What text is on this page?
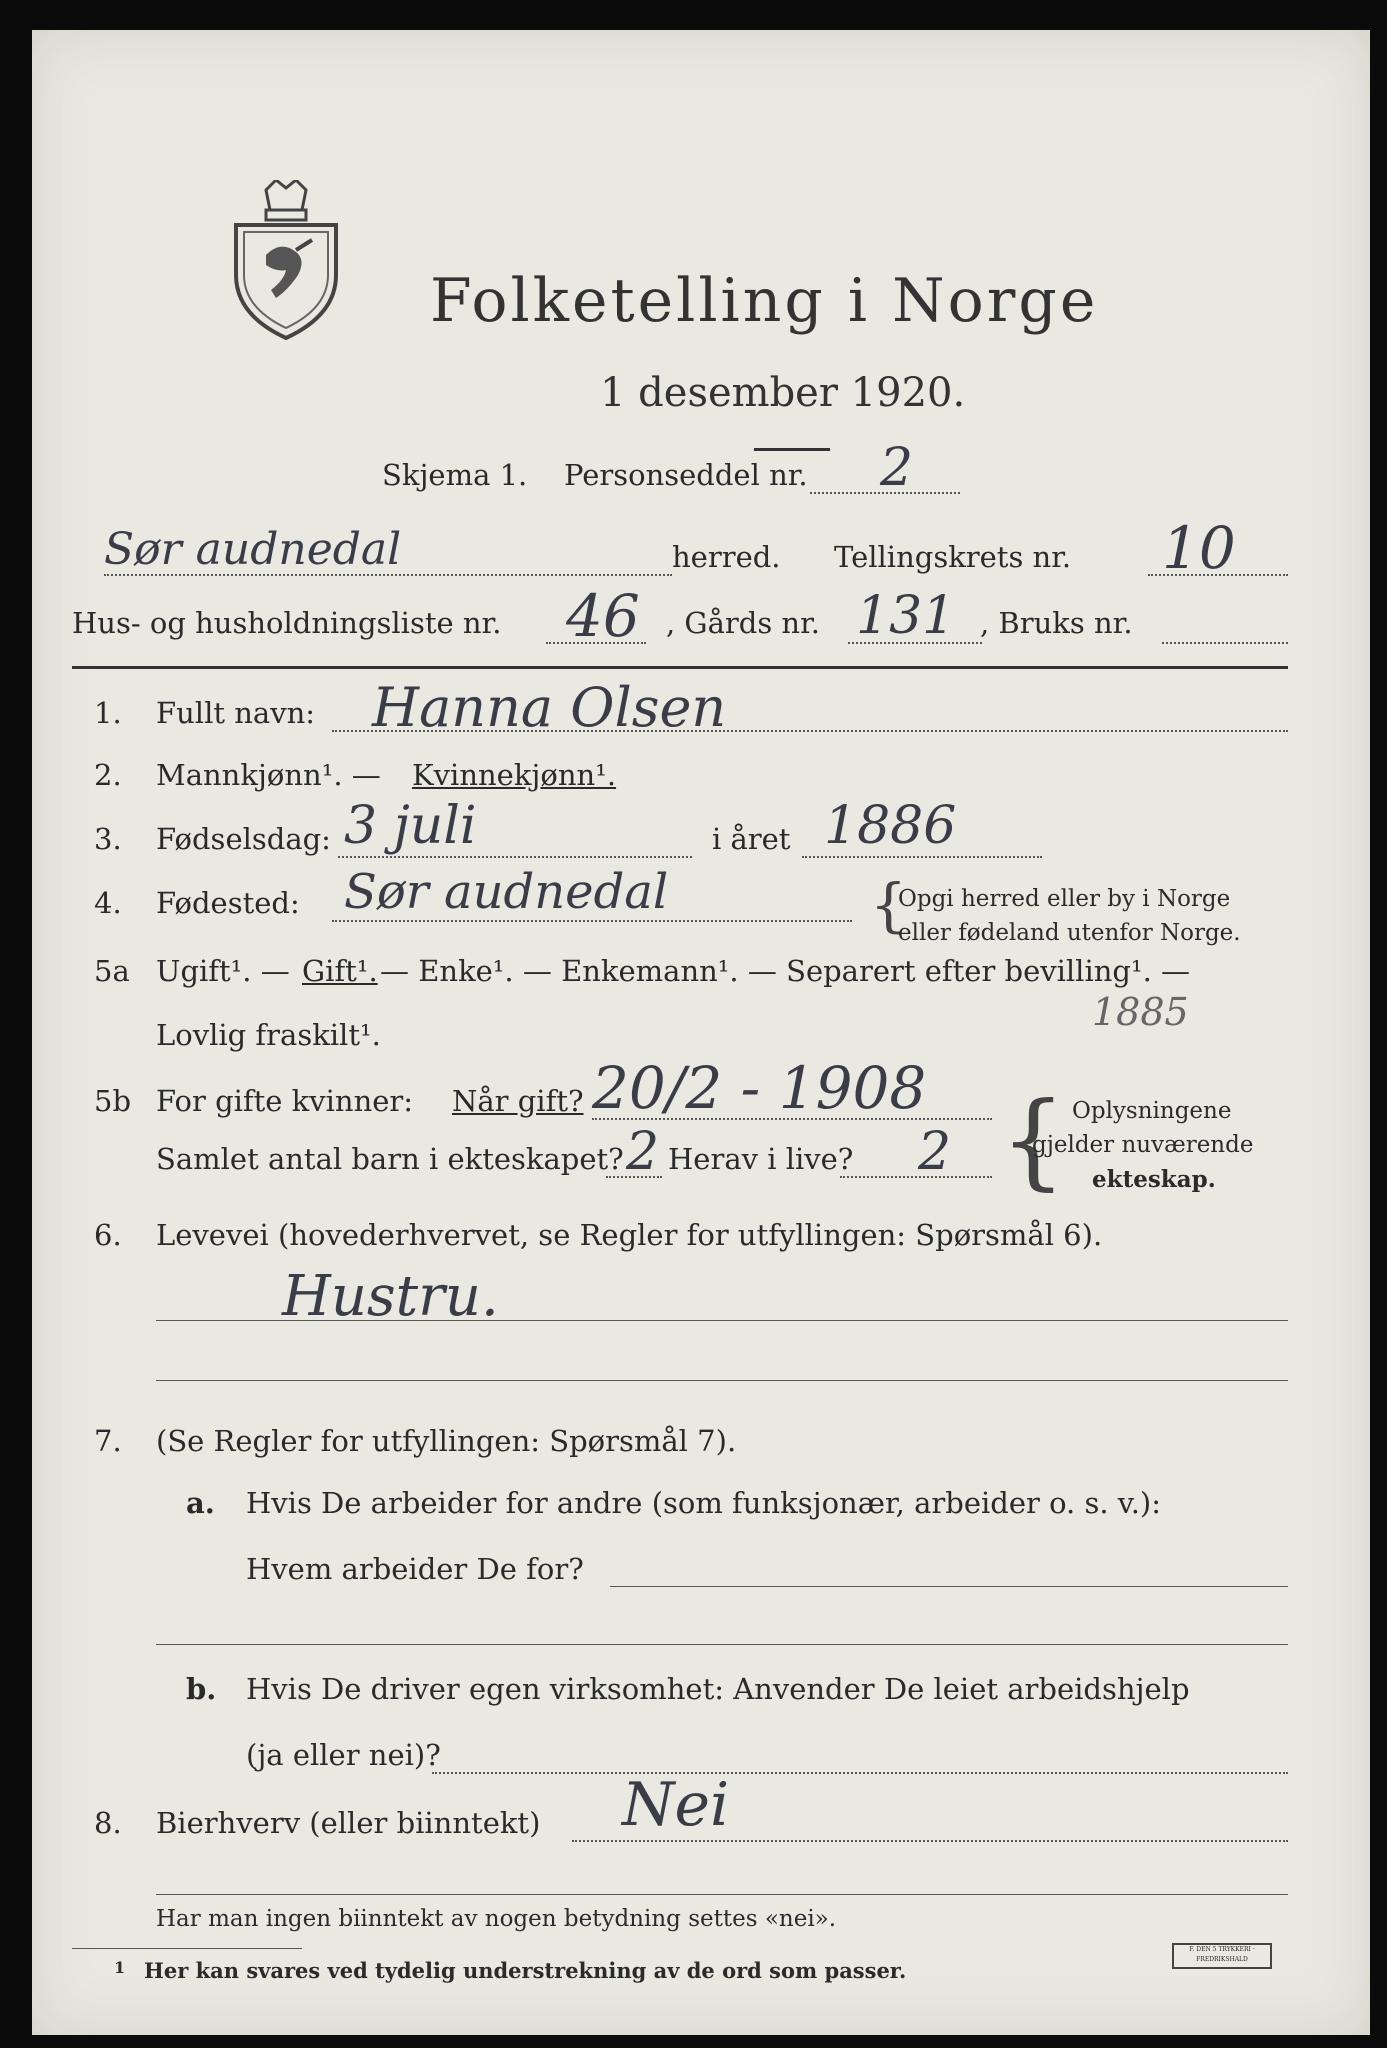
Folketelling i Norge
1 desember 1920.
Skjema 1. Personseddel nr. 2
Sør audnedal	herred. Tellingskrets nr. 10
Hus- og husholdningsliste nr. 46 , Gårds nr. 131 , Bruks nr.
1. Fullt navn: Hanna Olsen
2. Mannkjønn¹. — Kvinnekjønn¹.
3. Fødselsdag: 3 juli	i året 1886
4. Fødested: Sør audnedal	{
Opgi herred eller by i Norge
eller fødeland utenfor Norge.
5a Ugift¹. — Gift¹. — Enke¹. — Enkemann¹. — Separert efter bevilling¹. —
Lovlig fraskilt¹.
1885
5b For gifte kvinner: Når gift? 20/2 - 1908
Samlet antal barn i ekteskapet? 2 Herav i live? 2 { Oplysningene
gjelder nuværende
ekteskap.
6. Levevei (hovederhvervet, se Regler for utfyllingen: Spørsmål 6).
Hustru.
7. (Se Regler for utfyllingen: Spørsmål 7).
a. Hvis De arbeider for andre (som funksjonær, arbeider o. s. v.):
Hvem arbeider De for?
b. Hvis De driver egen virksomhet: Anvender De leiet arbeidshjelp
(ja eller nei)?
8. Bierhverv (eller biinntekt) Nei
Har man ingen biinntekt av nogen betydning settes «nei».
1 Her kan svares ved tydelig understrekning av de ord som passer.
F. DEN 5 TRYKKERI · FREDRIKSHALD
